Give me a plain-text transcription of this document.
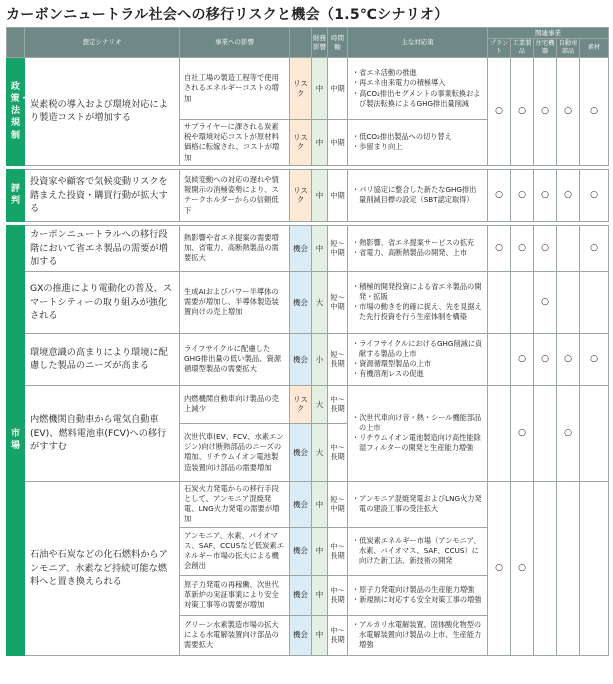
カーボンニュートラル社会への移行リスクと機会（1.5℃シナリオ）
	想定シナリオ	事業への影響		財務影響	時間軸	主な対応策	関連事業				
							プラント	工業製品	住宅機器	自動車部品	素材
政策・法規制	炭素税の導入および環境対応により製造コストが増加する	自社工場の製造工程等で使用されるエネルギーコストの増加	リスク	中	中期	・省エネ活動の推進
・再エネ由来電力の積極導入
・高CO₂排出セグメントの事業転換および製法転換によるGHG排出量削減	○	○	○	○	○
		サプライヤーに課される炭素税や環境対応コストが原材料価格に転嫁され、コストが増加	リスク	中	中期	・低CO₂排出製品への切り替え
・歩留まり向上					

評判	投資家や顧客で気候変動リスクを踏まえた投資・購買行動が拡大する	気候変動への対応の遅れや情報開示の消極姿勢により、ステークホルダーからの信頼低下	リスク	中	中期	・パリ協定に整合した新たなGHG排出量削減目標の設定（SBT認定取得）	○	○	○	○	○

市場	カーボンニュートラルへの移行段階において省エネ製品の需要が増加する	熱影響や省エネ提案の需要増加、省電力、高断熱製品の需要拡大	機会	中	短～中期	・熱影響、省エネ提案サービスの拡充
・省電力、高断熱製品の開発、上市	○	○	○		○
	GXの推進により電動化の普及、スマートシティーの取り組みが強化される	生成AIおよびパワー半導体の需要が増加し、半導体製造装置向けの売上増加	機会	大	短～中期	・積極的開発投資による省エネ製品の開発・拡販
・市場の動きを的確に捉え、先を見据えた先行投資を行う生産体制を構築			○		
	環境意識の高まりにより環境に配慮した製品のニーズが高まる	ライフサイクルに配慮したGHG排出量の低い製品、資源循環型製品の需要拡大	機会	小	短～長期	・ライフサイクルにおけるGHG削減に貢献する製品の上市
・資源循環型製品の上市
・有機溶剤レスの促進		○	○	○	○
	内燃機関自動車から電気自動車(EV)、燃料電池車(FCV)への移行がすすむ	内燃機関自動車向け製品の売上減少	リスク	大	中～長期	・次世代車向け音・熱・シール機能部品の上市
・リチウムイオン電池製造向け高性能除湿フィルターの開発と生産能力増強		○		○	
		次世代車(EV、FCV、水素エンジン)向け断熱部品のニーズの増加、リチウムイオン電池製造装置向け部品の需要増加	機会	大	中～長期						
	石油や石炭などの化石燃料からアンモニア、水素など持続可能な燃料へと置き換えられる	石炭火力発電からの移行手段として、アンモニア混焼発電、LNG火力発電の需要が増加	機会	中	短～中期	・アンモニア混焼発電およびLNG火力発電の建設工事の受注拡大	○	○			
		アンモニア、水素、バイオマス、SAF、CCUSなど低炭素エネルギー市場の拡大による機会創出	機会	中	中～長期	・低炭素エネルギー市場（アンモニア、水素、バイオマス、SAF、CCUS）に向けた新工法、新技術の開発					

		原子力発電の再稼働、次世代革新炉の実証事業により安全対策工事等の需要が増加	機会	中	中～長期	・原子力発電向け製品の生産能力増強
・新規制に対応する安全対策工事の増強					

		グリーン水素製造市場の拡大による水電解装置向け部品の需要拡大	機会	中	中～長期	・アルカリ水電解装置、固体酸化物型の水電解装置向け製品の上市、生産能力増強					
